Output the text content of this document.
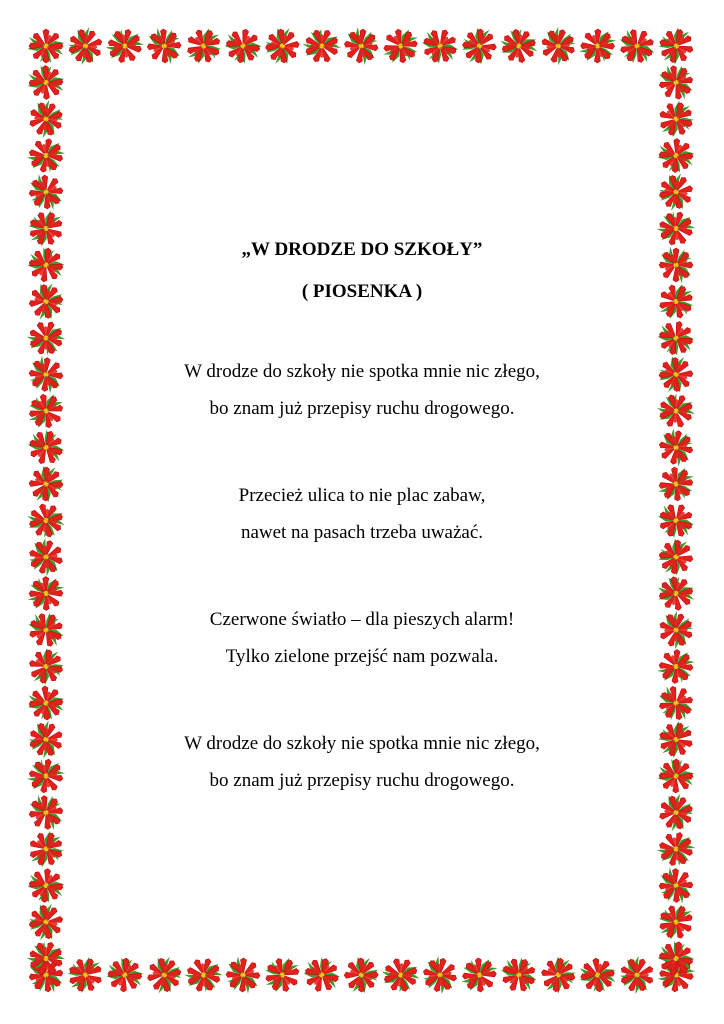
„W DRODZE DO SZKOŁY”
( PIOSENKA )
W drodze do szkoły nie spotka mnie nic złego,
bo znam już przepisy ruchu drogowego.
Przecież ulica to nie plac zabaw,
nawet na pasach trzeba uważać.
Czerwone światło – dla pieszych alarm!
Tylko zielone przejść nam pozwala.
W drodze do szkoły nie spotka mnie nic złego,
bo znam już przepisy ruchu drogowego.
